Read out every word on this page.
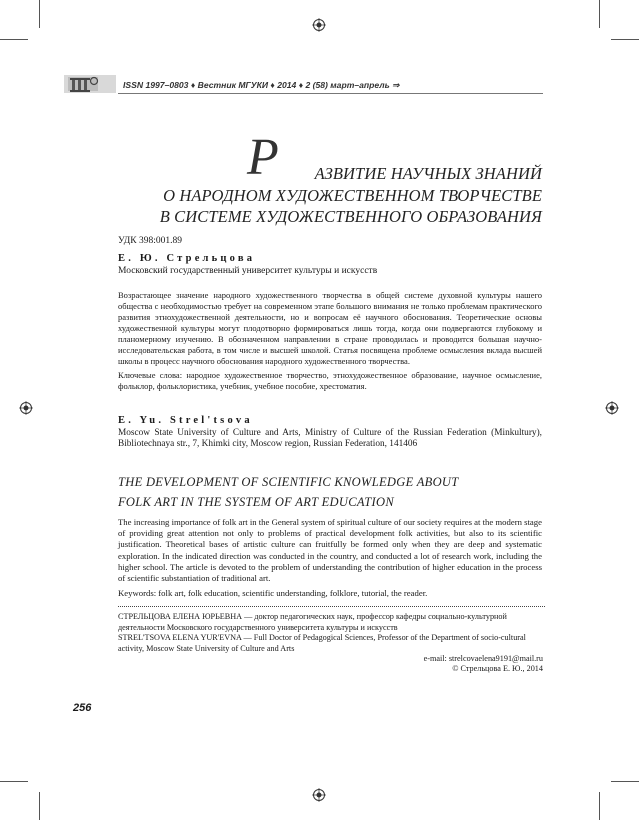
ISSN 1997–0803 ♦ Вестник МГУКИ ♦ 2014 ♦ 2 (58) март–апрель ⇒
Р АЗВИТИЕ НАУЧНЫХ ЗНАНИЙ
О НАРОДНОМ ХУДОЖЕСТВЕННОМ ТВОРЧЕСТВЕ
В СИСТЕМЕ ХУДОЖЕСТВЕННОГО ОБРАЗОВАНИЯ
УДК 398:001.89
Е. Ю. Стрельцова
Московский государственный университет культуры и искусств
Возрастающее значение народного художественного творчества в общей системе духовной культуры нашего общества с необходимостью требует на современном этапе большого внимания не только проблемам практического развития этнохудожественной деятельности, но и вопросам её научного обоснования. Теоретические основы художественной культуры могут плодотворно формироваться лишь тогда, когда они подвергаются глубокому и планомерному изучению. В обозначенном направлении в стране проводилась и проводится большая научно-исследовательская работа, в том числе и высшей школой. Статья посвящена проблеме осмысления вклада высшей школы в процесс научного обоснования народного художественного творчества.
Ключевые слова: народное художественное творчество, этнохудожественное образование, научное осмысление, фольклор, фольклористика, учебник, учебное пособие, хрестоматия.
E. Yu. Strel'tsova
Moscow State University of Culture and Arts, Ministry of Culture of the Russian Federation (Minkultury), Bibliotechnaya str., 7, Khimki city, Moscow region, Russian Federation, 141406
THE DEVELOPMENT OF SCIENTIFIC KNOWLEDGE ABOUT
FOLK ART IN THE SYSTEM OF ART EDUCATION
The increasing importance of folk art in the General system of spiritual culture of our society requires at the modern stage of providing great attention not only to problems of practical development folk activities, but also to its scientific justification. Theoretical bases of artistic culture can fruitfully be formed only when they are deep and systematic exploration. In the indicated direction was conducted in the country, and conducted a lot of research work, including the higher school. The article is devoted to the problem of understanding the contribution of higher education in the process of scientific substantiation of traditional art.
Keywords: folk art, folk education, scientific understanding, folklore, tutorial, the reader.
СТРЕЛЬЦОВА ЕЛЕНА ЮРЬЕВНА — доктор педагогических наук, профессор кафедры социально-культурной деятельности Московского государственного университета культуры и искусств
STREL'TSOVA ELENA YUR'EVNA — Full Doctor of Pedagogical Sciences, Professor of the Department of socio-cultural activity, Moscow State University of Culture and Arts
e-mail: strelcovaelena9191@mail.ru
© Стрельцова Е. Ю., 2014
256
